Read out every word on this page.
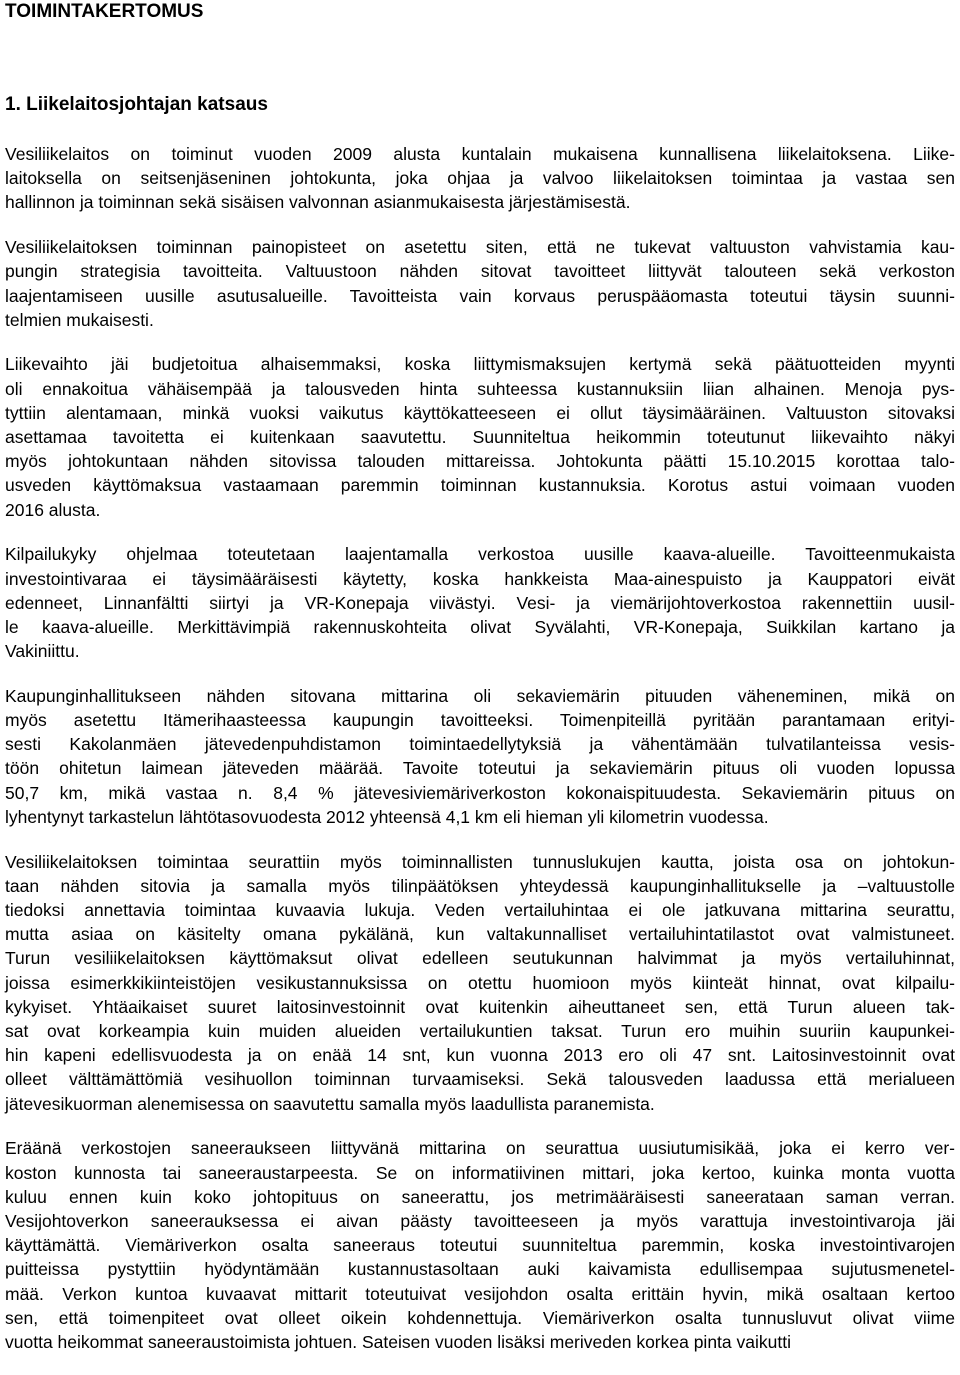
TOIMINTAKERTOMUS
1. Liikelaitosjohtajan katsaus

Vesiliikelaitos on toiminut vuoden 2009 alusta kuntalain mukaisena kunnallisena liikelaitoksena. Liike-
laitoksella on seitsenjäseninen johtokunta, joka ohjaa ja valvoo liikelaitoksen toimintaa ja vastaa sen
hallinnon ja toiminnan sekä sisäisen valvonnan asianmukaisesta järjestämisestä.

Vesiliikelaitoksen toiminnan painopisteet on asetettu siten, että ne tukevat valtuuston vahvistamia kau-
pungin strategisia tavoitteita. Valtuustoon nähden sitovat tavoitteet liittyvät talouteen sekä verkoston
laajentamiseen uusille asutusalueille. Tavoitteista vain korvaus peruspääomasta toteutui täysin suunni-
telmien mukaisesti.

Liikevaihto jäi budjetoitua alhaisemmaksi, koska liittymismaksujen kertymä sekä päätuotteiden myynti
oli ennakoitua vähäisempää ja talousveden hinta suhteessa kustannuksiin liian alhainen. Menoja pys-
tyttiin alentamaan, minkä vuoksi vaikutus käyttökatteeseen ei ollut täysimääräinen. Valtuuston sitovaksi
asettamaa tavoitetta ei kuitenkaan saavutettu. Suunniteltua heikommin toteutunut liikevaihto näkyi
myös johtokuntaan nähden sitovissa talouden mittareissa. Johtokunta päätti 15.10.2015 korottaa talo-
usveden käyttömaksua vastaamaan paremmin toiminnan kustannuksia. Korotus astui voimaan vuoden
2016 alusta.

Kilpailukyky ohjelmaa toteutetaan laajentamalla verkostoa uusille kaava-alueille. Tavoitteenmukaista
investointivaraa ei täysimääräisesti käytetty, koska hankkeista Maa-ainespuisto ja Kauppatori eivät
edenneet, Linnanfältti siirtyi ja VR-Konepaja viivästyi. Vesi- ja viemärijohtoverkostoa rakennettiin uusil-
le kaava-alueille. Merkittävimpiä rakennuskohteita olivat Syvälahti, VR-Konepaja, Suikkilan kartano ja
Vakiniittu.

Kaupunginhallitukseen nähden sitovana mittarina oli sekaviemärin pituuden väheneminen, mikä on
myös asetettu Itämerihaasteessa kaupungin tavoitteeksi. Toimenpiteillä pyritään parantamaan erityi-
sesti Kakolanmäen jätevedenpuhdistamon toimintaedellytyksiä ja vähentämään tulvatilanteissa vesis-
töön ohitetun laimean jäteveden määrää. Tavoite toteutui ja sekaviemärin pituus oli vuoden lopussa
50,7 km, mikä vastaa n. 8,4 % jätevesiviemäriverkoston kokonaispituudesta. Sekaviemärin pituus on
lyhentynyt tarkastelun lähtötasovuodesta 2012 yhteensä 4,1 km eli hieman yli kilometrin vuodessa.

Vesiliikelaitoksen toimintaa seurattiin myös toiminnallisten tunnuslukujen kautta, joista osa on johtokun-
taan nähden sitovia ja samalla myös tilinpäätöksen yhteydessä kaupunginhallitukselle ja –valtuustolle
tiedoksi annettavia toimintaa kuvaavia lukuja. Veden vertailuhintaa ei ole jatkuvana mittarina seurattu,
mutta asiaa on käsitelty omana pykälänä, kun valtakunnalliset vertailuhintatilastot ovat valmistuneet.
Turun vesiliikelaitoksen käyttömaksut olivat edelleen seutukunnan halvimmat ja myös vertailuhinnat,
joissa esimerkkikiinteistöjen vesikustannuksissa on otettu huomioon myös kiinteät hinnat, ovat kilpailu-
kykyiset. Yhtäaikaiset suuret laitosinvestoinnit ovat kuitenkin aiheuttaneet sen, että Turun alueen tak-
sat ovat korkeampia kuin muiden alueiden vertailukuntien taksat. Turun ero muihin suuriin kaupunkei-
hin kapeni edellisvuodesta ja on enää 14 snt, kun vuonna 2013 ero oli 47 snt. Laitosinvestoinnit ovat
olleet välttämättömiä vesihuollon toiminnan turvaamiseksi. Sekä talousveden laadussa että merialueen
jätevesikuorman alenemisessa on saavutettu samalla myös laadullista paranemista.

Eräänä verkostojen saneeraukseen liittyvänä mittarina on seurattua uusiutumisikää, joka ei kerro ver-
koston kunnosta tai saneeraustarpeesta. Se on informatiivinen mittari, joka kertoo, kuinka monta vuotta
kuluu ennen kuin koko johtopituus on saneerattu, jos metrimääräisesti saneerataan saman verran.
Vesijohtoverkon saneerauksessa ei aivan päästy tavoitteeseen ja myös varattuja investointivaroja jäi
käyttämättä. Viemäriverkon osalta saneeraus toteutui suunniteltua paremmin, koska investointivarojen
puitteissa pystyttiin hyödyntämään kustannustasoltaan auki kaivamista edullisempaa sujutusmenetel-
mää. Verkon kuntoa kuvaavat mittarit toteutuivat vesijohdon osalta erittäin hyvin, mikä osaltaan kertoo
sen, että toimenpiteet ovat olleet oikein kohdennettuja. Viemäriverkon osalta tunnusluvut olivat viime
vuotta heikommat saneeraustoimista johtuen. Sateisen vuoden lisäksi meriveden korkea pinta vaikutti
